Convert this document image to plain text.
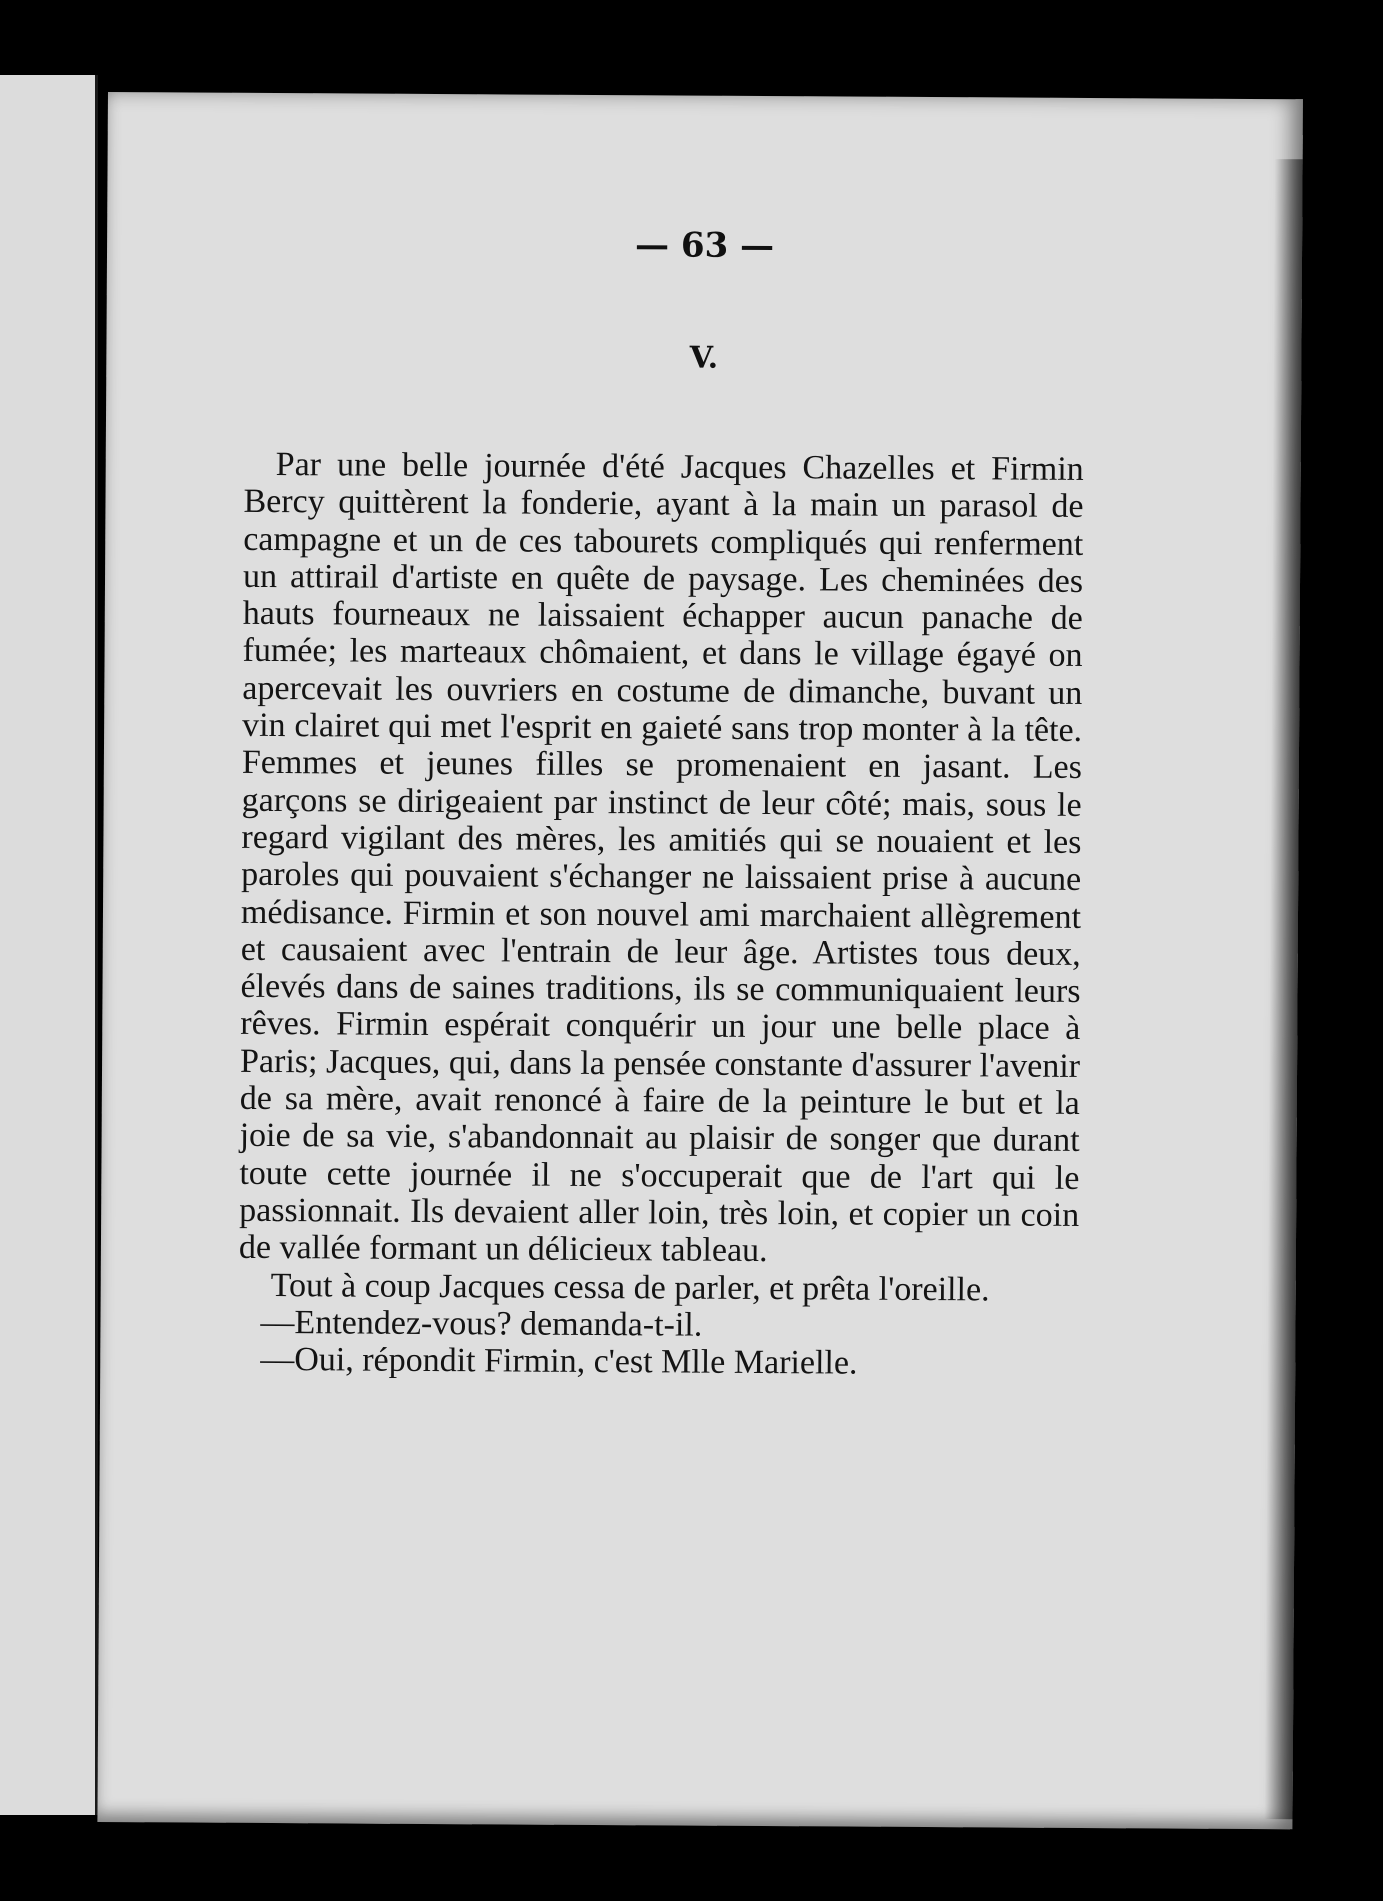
— 63 —
V.

Par une belle journée d'été Jacques Chazelles et Firmin Bercy quittèrent la fonderie, ayant à la main un parasol de campagne et un de ces tabourets compliqués qui renferment un attirail d'artiste en quête de paysage. Les cheminées des hauts fourneaux ne laissaient échapper aucun panache de fumée; les marteaux chômaient, et dans le village égayé on apercevait les ouvriers en costume de dimanche, buvant un vin clairet qui met l'esprit en gaieté sans trop monter à la tête. Femmes et jeunes filles se promenaient en jasant. Les garçons se dirigeaient par instinct de leur côté; mais, sous le regard vigilant des mères, les amitiés qui se nouaient et les paroles qui pouvaient s'échanger ne laissaient prise à aucune médisance. Firmin et son nouvel ami marchaient allègrement et causaient avec l'entrain de leur âge. Artistes tous deux, élevés dans de saines traditions, ils se communiquaient leurs rêves. Firmin espérait conquérir un jour une belle place à Paris; Jacques, qui, dans la pensée constante d'assurer l'avenir de sa mère, avait renoncé à faire de la peinture le but et la joie de sa vie, s'abandonnait au plaisir de songer que durant toute cette journée il ne s'occuperait que de l'art qui le passionnait. Ils devaient aller loin, très loin, et copier un coin de vallée formant un délicieux tableau.

Tout à coup Jacques cessa de parler, et prêta l'oreille.

—Entendez-vous? demanda-t-il.

—Oui, répondit Firmin, c'est Mlle Marielle.
